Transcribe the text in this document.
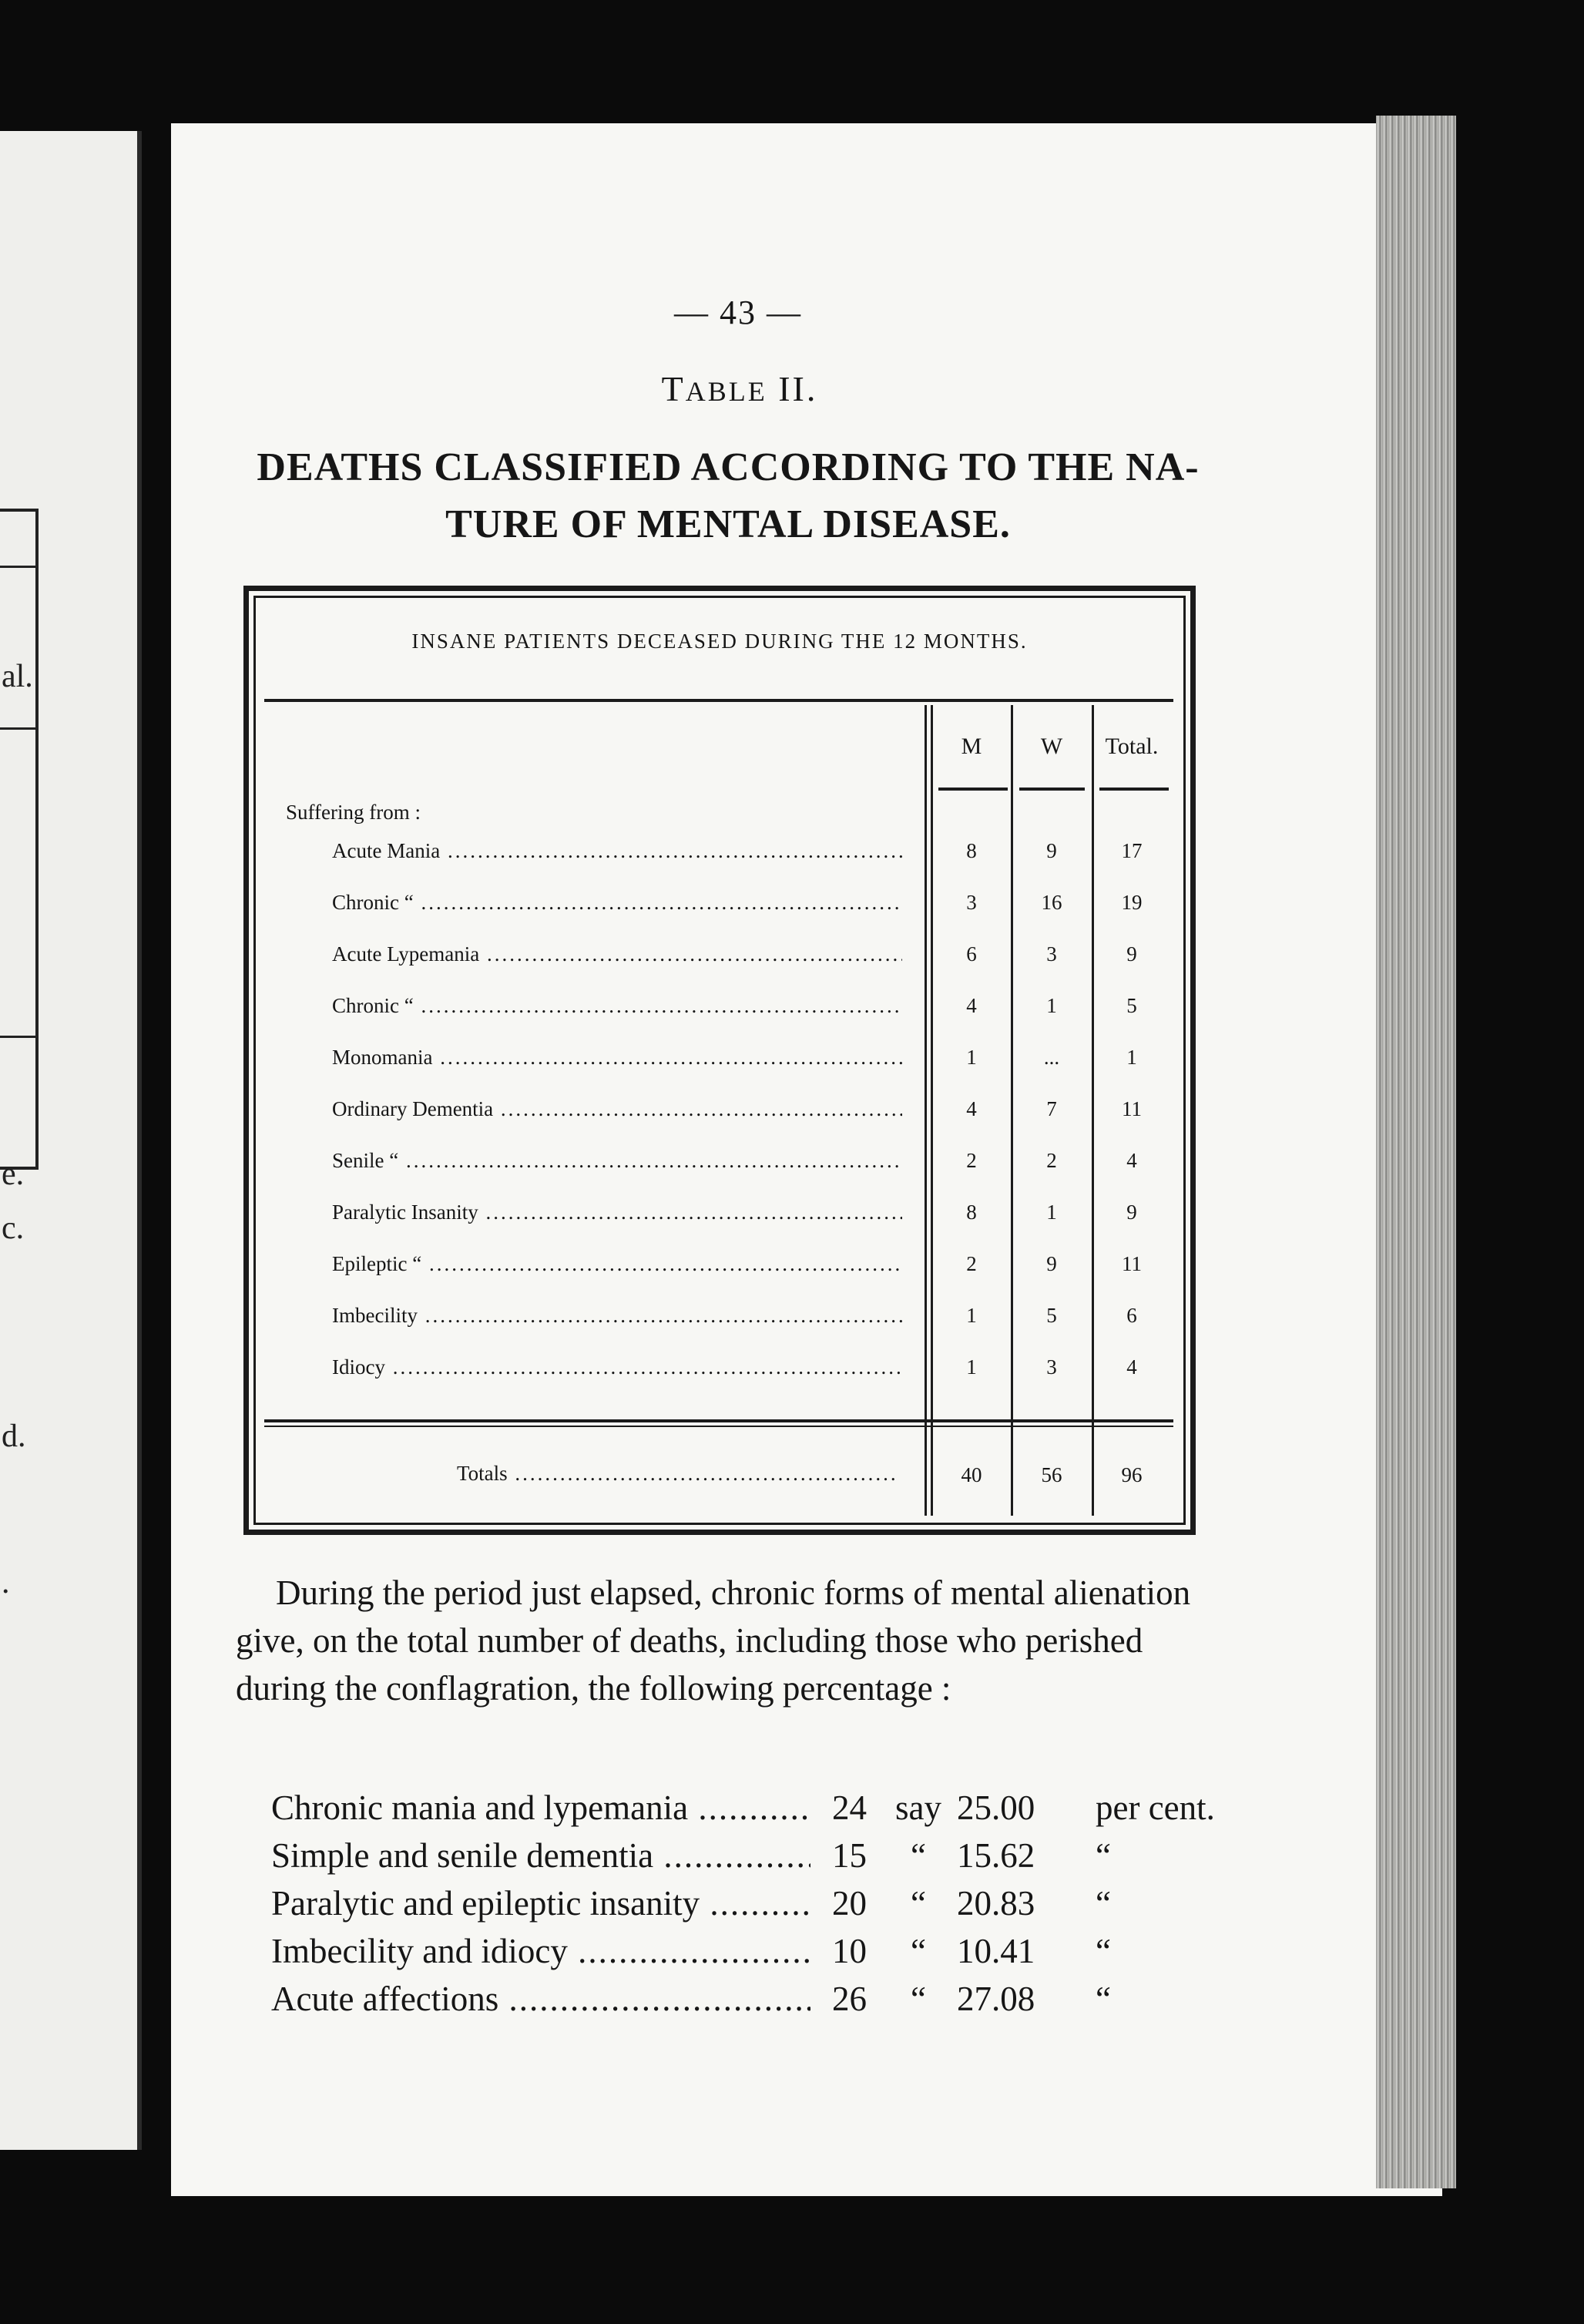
al.
e.
c.
d.
.
— 43 —
TABLE II.
DEATHS CLASSIFIED ACCORDING TO THE NA-
TURE OF MENTAL DISEASE.
INSANE PATIENTS DECEASED DURING THE 12 MONTHS.
M	W	Total.
Suffering from :
Acute Mania .....	8	9	17
Chronic “ .....	3	16	19
Acute Lypemania .....	6	3	9
Chronic “ .....	4	1	5
Monomania .....	1	...	1
Ordinary Dementia .....	4	7	11
Senile “ .....	2	2	4
Paralytic Insanity .....	8	1	9
Epileptic “ .....	2	9	11
Imbecility .....	1	5	6
Idiocy .....	1	3	4
Totals .....	40	56	96
During the period just elapsed, chronic forms of mental alienation give, on the total number of deaths, including those who perished during the conflagration, the following percentage :
Chronic mania and lypemania .....	24 say 25.00	per cent.
Simple and senile dementia .....	15	“ 15.62	“
Paralytic and epileptic insanity .....	20	“ 20.83	“
Imbecility and idiocy .....	10	“ 10.41	“
Acute affections .....	26	“ 27.08	“
